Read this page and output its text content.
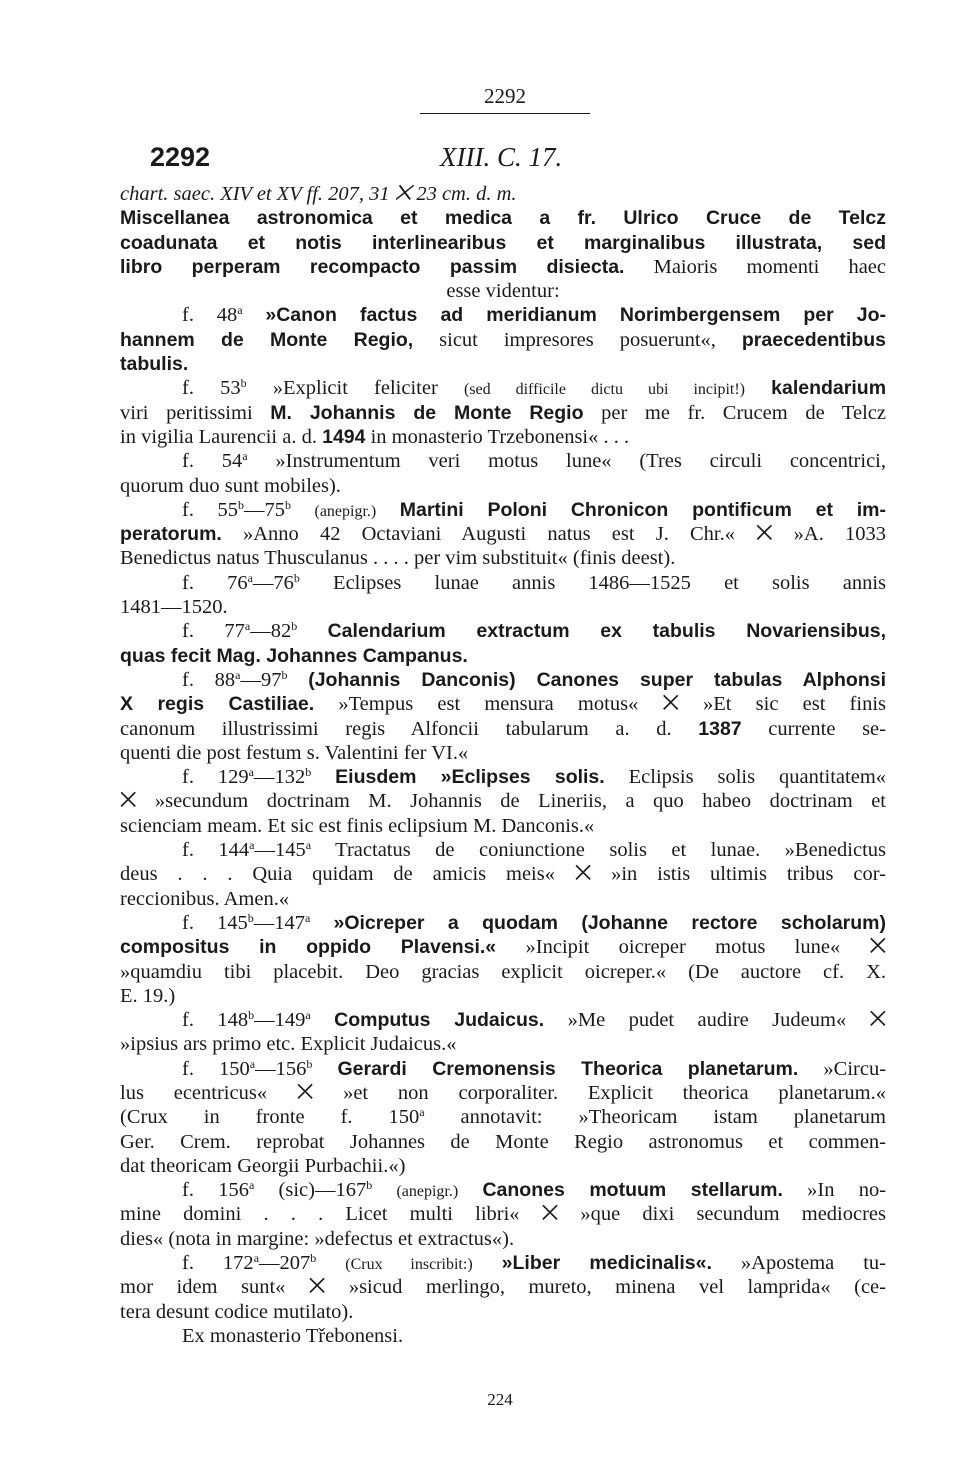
2292
2292	XIII. C. 17.
chart. saec. XIV et XV ff. 207, 31 ⨉ 23 cm. d. m.
Miscellanea astronomica et medica a fr. Ulrico Cruce de Telcz
coadunata et notis interlinearibus et marginalibus illustrata, sed
libro perperam recompacto passim disiecta. Maioris momenti haec
esse videntur:
f. 48$^a$ »Canon factus ad meridianum Norimbergensem per Jo-
hannem de Monte Regio, sicut impresores posuerunt«, praecedentibus
tabulis.
f. 53$^b$ »Explicit feliciter (sed difficile dictu ubi incipit!) kalendarium
viri peritissimi M. Johannis de Monte Regio per me fr. Crucem de Telcz
in vigilia Laurencii a. d. 1494 in monasterio Trzebonensi« . . .
f. 54$^a$ »Instrumentum veri motus lune« (Tres circuli concentrici,
quorum duo sunt mobiles).
f. 55$^b$—75$^b$ (anepigr.) Martini Poloni Chronicon pontificum et im-
peratorum. »Anno 42 Octaviani Augusti natus est J. Chr.« ⨉ »A. 1033
Benedictus natus Thusculanus . . . . per vim substituit« (finis deest).
f. 76$^a$—76$^b$ Eclipses lunae annis 1486—1525 et solis annis
1481—1520.
f. 77$^a$—82$^b$ Calendarium extractum ex tabulis Novariensibus,
quas fecit Mag. Johannes Campanus.
f. 88$^a$—97$^b$ (Johannis Danconis) Canones super tabulas Alphonsi
X regis Castiliae. »Tempus est mensura motus« ⨉ »Et sic est finis
canonum illustrissimi regis Alfoncii tabularum a. d. 1387 currente se-
quenti die post festum s. Valentini fer VI.«
f. 129$^a$—132$^b$ Eiusdem »Eclipses solis. Eclipsis solis quantitatem«
⨉ »secundum doctrinam M. Johannis de Lineriis, a quo habeo doctrinam et
scienciam meam. Et sic est finis eclipsium M. Danconis.«
f. 144$^a$—145$^a$ Tractatus de coniunctione solis et lunae. »Benedictus
deus . . . Quia quidam de amicis meis« ⨉ »in istis ultimis tribus cor-
reccionibus. Amen.«
f. 145$^b$—147$^a$ »Oicreper a quodam (Johanne rectore scholarum)
compositus in oppido Plavensi.« »Incipit oicreper motus lune« ⨉
»quamdiu tibi placebit. Deo gracias explicit oicreper.« (De auctore cf. X.
E. 19.)
f. 148$^b$—149$^a$ Computus Judaicus. »Me pudet audire Judeum« ⨉
»ipsius ars primo etc. Explicit Judaicus.«
f. 150$^a$—156$^b$ Gerardi Cremonensis Theorica planetarum. »Circu-
lus ecentricus« ⨉ »et non corporaliter. Explicit theorica planetarum.«
(Crux in fronte f. 150$^a$ annotavit: »Theoricam istam planetarum
Ger. Crem. reprobat Johannes de Monte Regio astronomus et commen-
dat theoricam Georgii Purbachii.«)
f. 156$^a$ (sic)—167$^b$ (anepigr.) Canones motuum stellarum. »In no-
mine domini . . . Licet multi libri« ⨉ »que dixi secundum mediocres
dies« (nota in margine: »defectus et extractus«).
f. 172$^a$—207$^b$ (Crux inscribit:) »Liber medicinalis«. »Apostema tu-
mor idem sunt« ⨉ »sicud merlingo, mureto, minena vel lamprida« (ce-
tera desunt codice mutilato).
Ex monasterio Třebonensi.
224
